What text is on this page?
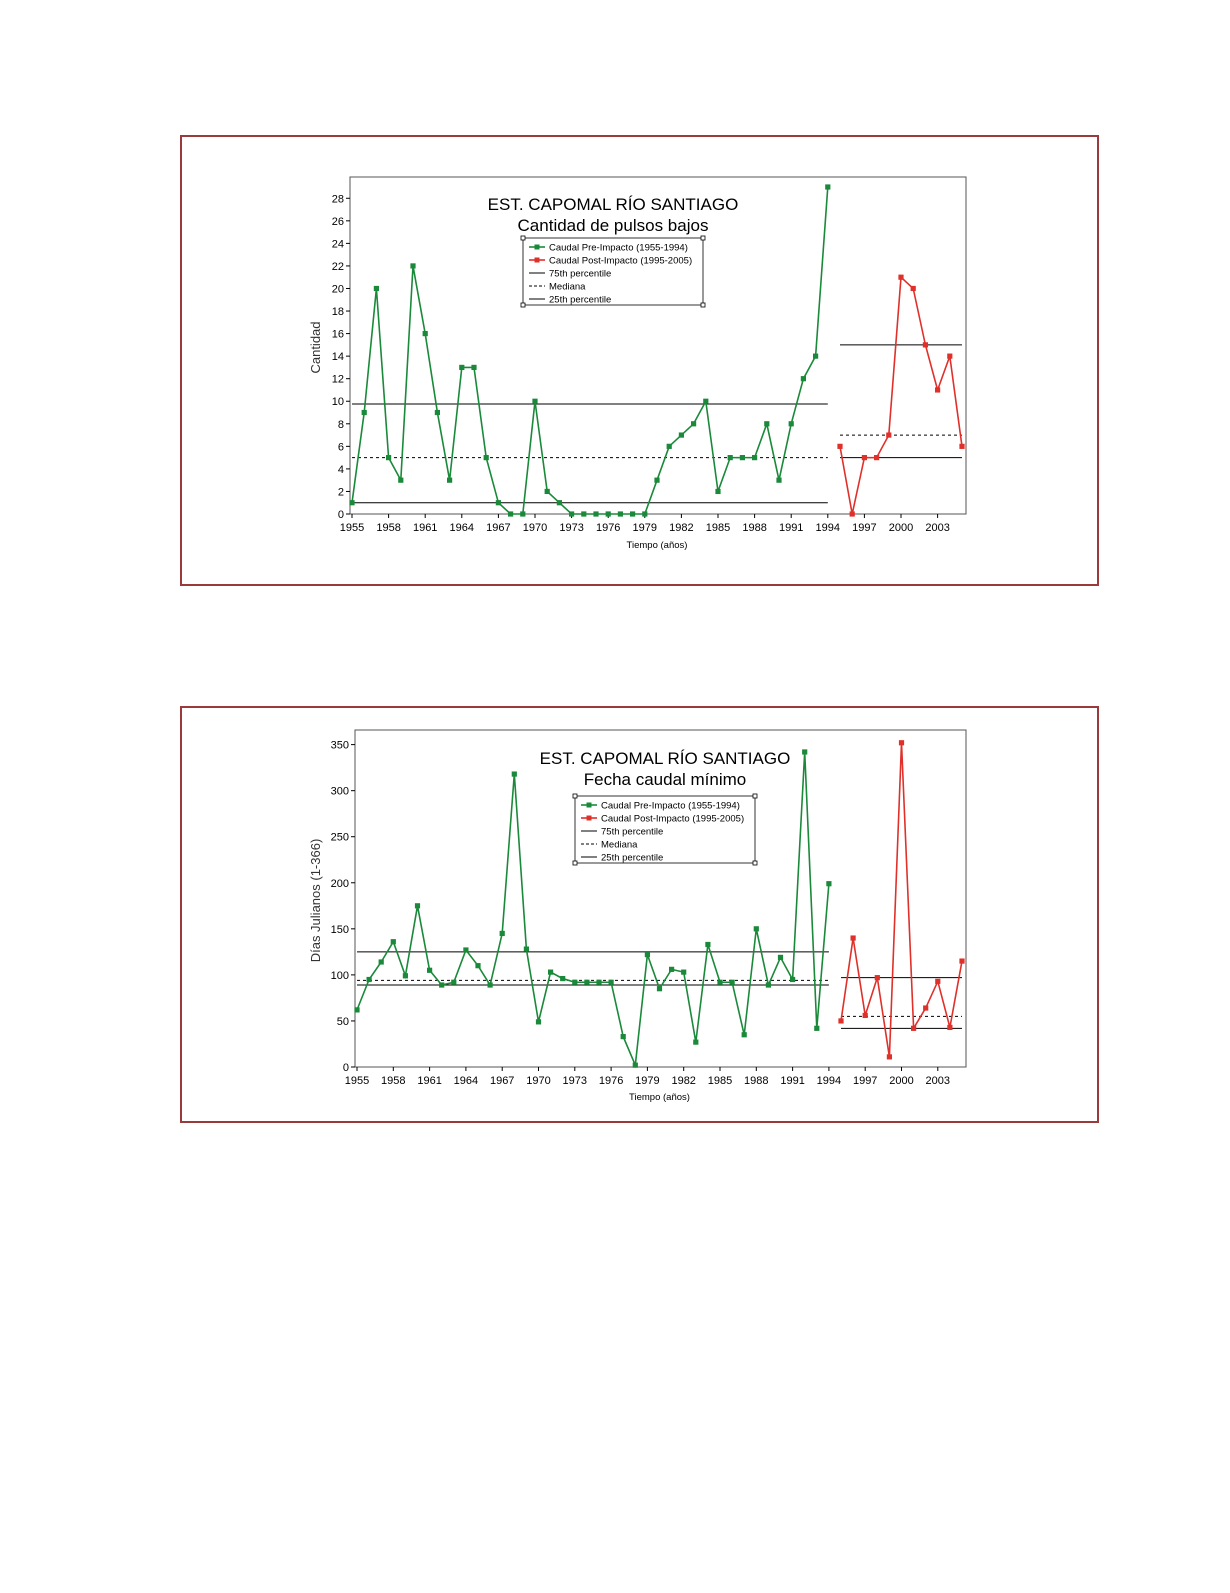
0
2
4
6
8
10
12
14
16
18
20
22
24
26
28
1955 1958 1961 1964 1967 1970 1973 1976 1979 1982 1985 1988 1991 1994 1997 2000 2003
Tiempo (años)
Cantidad
EST. CAPOMAL RÍO SANTIAGO
Cantidad de pulsos bajos
Caudal Pre-Impacto (1955-1994)
Caudal Post-Impacto (1995-2005)
75th percentile
Mediana
25th percentile
0
50
100
150
200
250
300
350
1955 1958 1961 1964 1967 1970 1973 1976 1979 1982 1985 1988 1991 1994 1997 2000 2003
Tiempo (años)
Días Julianos (1-366)
EST. CAPOMAL RÍO SANTIAGO
Fecha caudal mínimo
Caudal Pre-Impacto (1955-1994)
Caudal Post-Impacto (1995-2005)
75th percentile
Mediana
25th percentile
